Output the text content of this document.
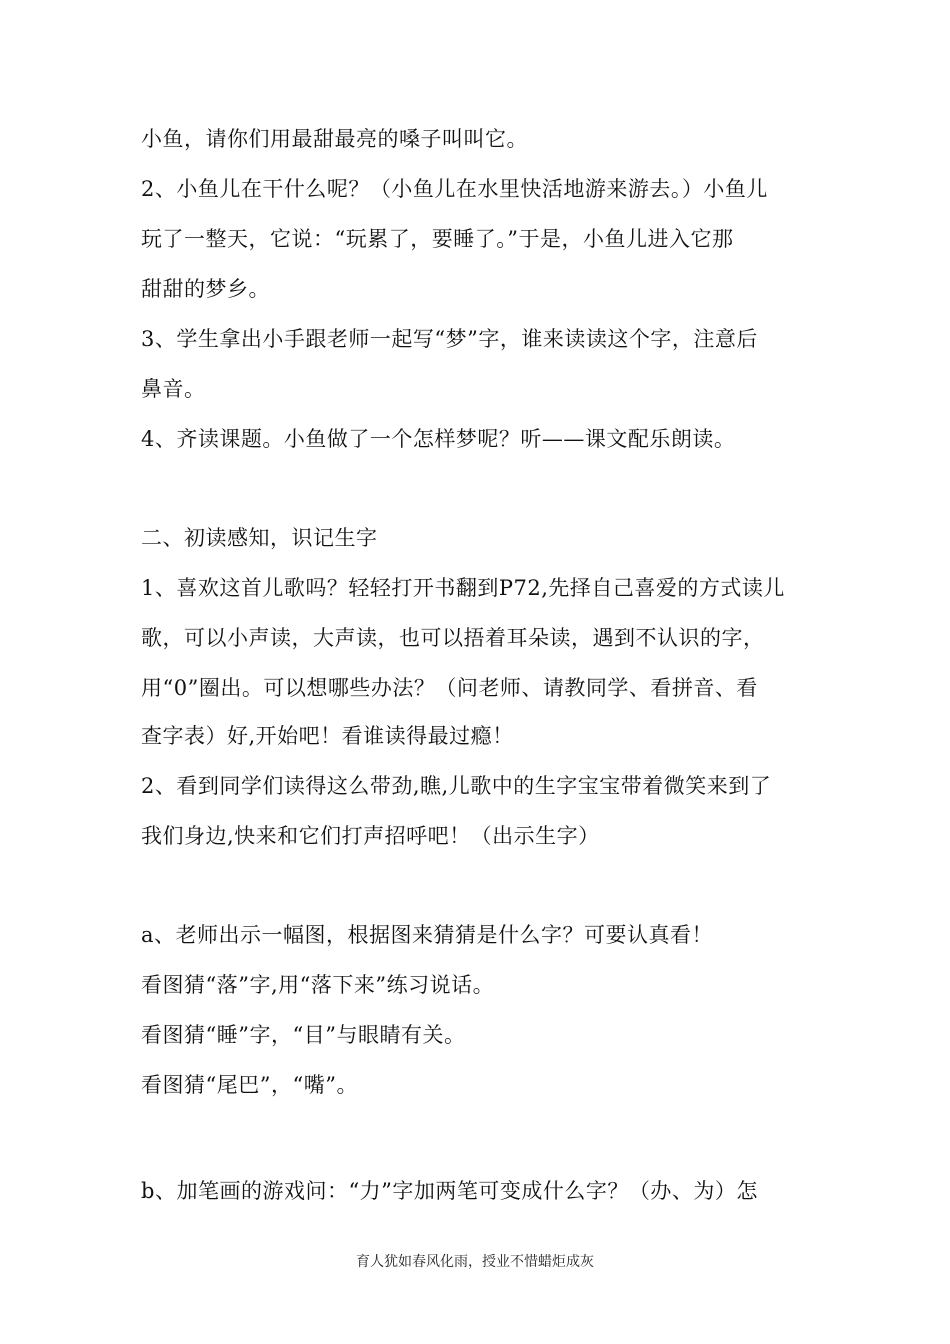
小鱼，请你们用最甜最亮的嗓子叫叫它。
2、小鱼儿在干什么呢？（小鱼儿在水里快活地游来游去。）小鱼儿
玩了一整天，它说：“玩累了，要睡了。”于是，小鱼儿进入它那
甜甜的梦乡。
3、学生拿出小手跟老师一起写“梦”字，谁来读读这个字，注意后
鼻音。
4、齐读课题。小鱼做了一个怎样梦呢？听——课文配乐朗读。
二、初读感知，识记生字
1、喜欢这首儿歌吗？轻轻打开书翻到P72,先择自己喜爱的方式读儿
歌，可以小声读，大声读，也可以捂着耳朵读，遇到不认识的字，
用“0”圈出。可以想哪些办法？（问老师、请教同学、看拼音、看
查字表）好,开始吧！看谁读得最过瘾！
2、看到同学们读得这么带劲,瞧,儿歌中的生字宝宝带着微笑来到了
我们身边,快来和它们打声招呼吧！（出示生字）
a、老师出示一幅图，根据图来猜猜是什么字？可要认真看！
看图猜“落”字,用“落下来”练习说话。
看图猜“睡”字，“目”与眼睛有关。
看图猜“尾巴”，“嘴”。
b、加笔画的游戏问：“力”字加两笔可变成什么字？（办、为）怎
育人犹如春风化雨，授业不惜蜡炬成灰
